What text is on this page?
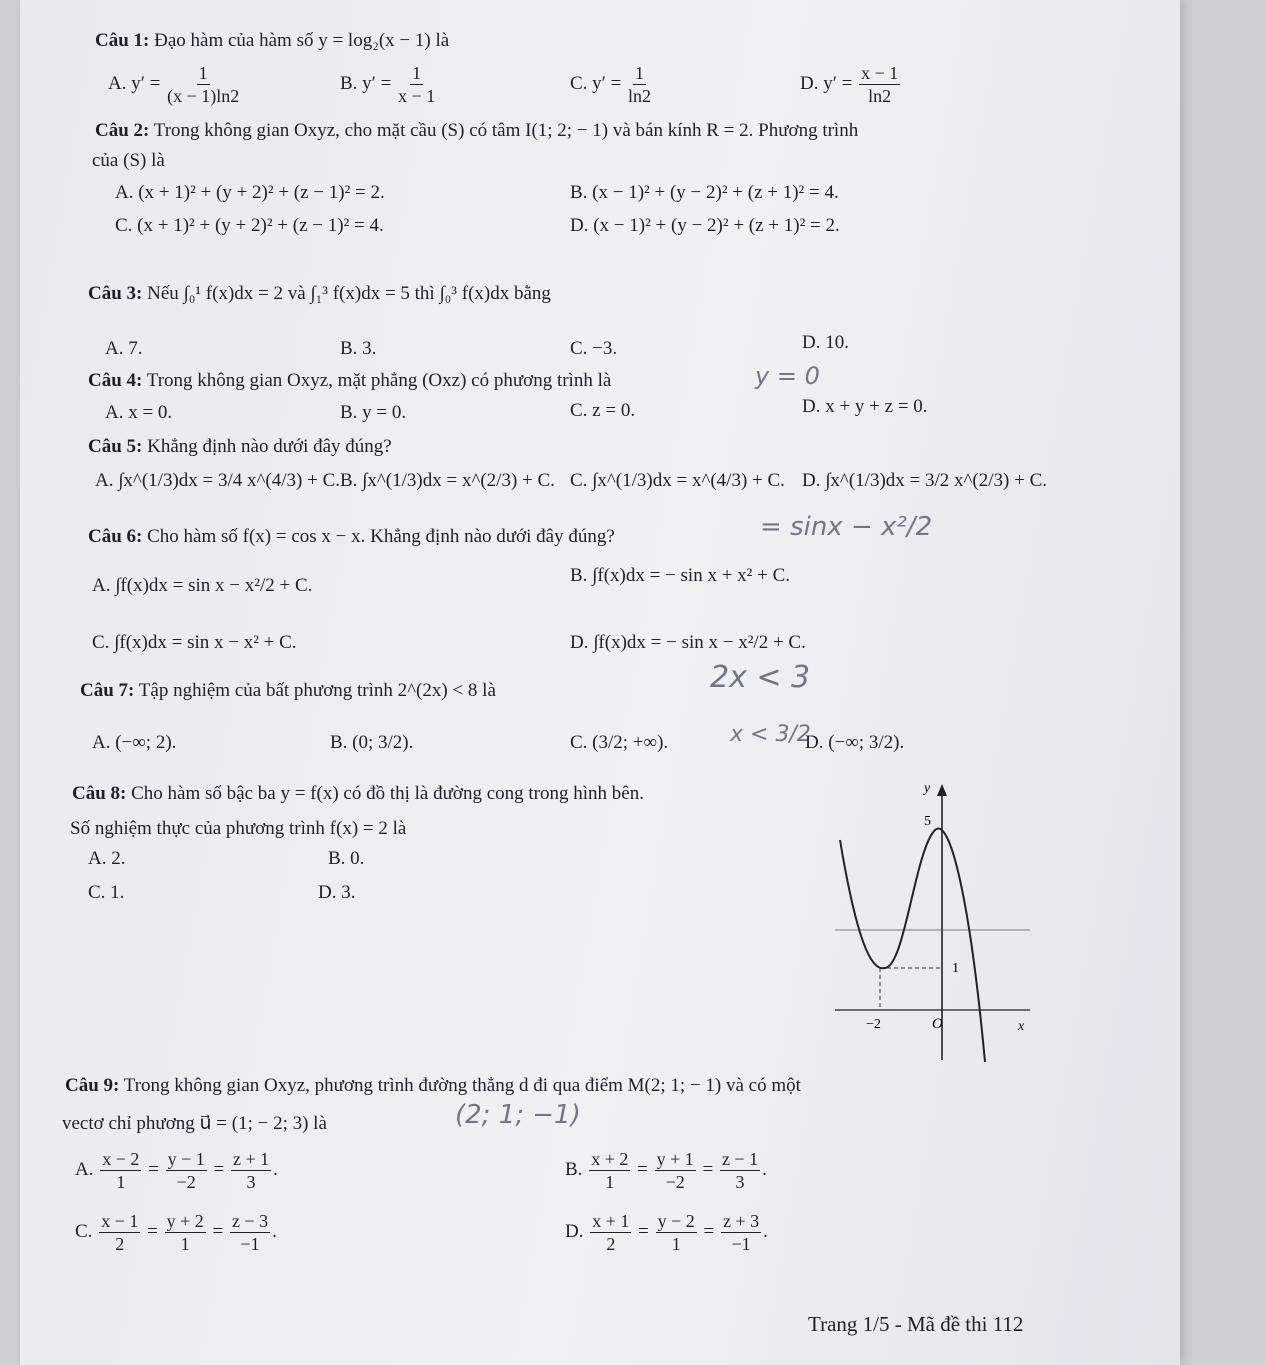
Câu 1: Đạo hàm của hàm số y = log₂(x − 1) là
A. $y' = \frac{1}{(x - 1)\ln 2}$	B. $y' = \frac{1}{x - 1}$	C. $y' = \frac{1}{\ln 2}$	D. $y' = \frac{x - 1}{\ln 2}$
Câu 2: Trong không gian Oxyz, cho mặt cầu (S) có tâm I(1; 2; − 1) và bán kính R = 2. Phương trình
của (S) là
A. (x + 1)² + (y + 2)² + (z − 1)² = 2.	B. (x − 1)² + (y − 2)² + (z + 1)² = 4.
C. (x + 1)² + (y + 2)² + (z − 1)² = 4.	D. (x − 1)² + (y − 2)² + (z + 1)² = 2.
Câu 3: Nếu ∫₀¹ f(x)dx = 2 và ∫₁³ f(x)dx = 5 thì ∫₀³ f(x)dx bằng
A. 7.	B. 3.	C. −3.	D. 10.
Câu 4: Trong không gian Oxyz, mặt phẳng (Oxz) có phương trình là	y = 0
A. x = 0.	B. y = 0.	C. z = 0.	D. x + y + z = 0.
Câu 5: Khẳng định nào dưới đây đúng?
A. ∫x^(1/3)dx = 3/4 x^(4/3) + C. B. ∫x^(1/3)dx = x^(2/3) + C. C. ∫x^(1/3)dx = x^(4/3) + C. D. ∫x^(1/3)dx = 3/2 x^(2/3) + C.
Câu 6: Cho hàm số f(x) = cos x − x. Khẳng định nào dưới đây đúng?	= sinx − x²/2
A. ∫f(x)dx = sin x − x²/2 + C.	B. ∫f(x)dx = − sin x + x² + C.
C. ∫f(x)dx = sin x − x² + C.	D. ∫f(x)dx = − sin x − x²/2 + C.
Câu 7: Tập nghiệm của bất phương trình 2^(2x) < 8 là	2x < 3
A. (−∞; 2).	B. (0; 3/2).	C. (3/2; +∞).	x < 3/2
D. (−∞; 3/2).
Câu 8: Cho hàm số bậc ba y = f(x) có đồ thị là đường cong trong hình bên.
Số nghiệm thực của phương trình f(x) = 2 là
A. 2.	B. 0.
C. 1.	D. 3.
y
5
1
−2	O	x
Câu 9: Trong không gian Oxyz, phương trình đường thẳng d đi qua điểm M(2; 1; − 1) và có một
vectơ chỉ phương u⃗ = (1; − 2; 3) là	(2; 1; −1)
A. $\frac{x - 2}{1} = \frac{y - 1}{-2} = \frac{z + 1}{3}$ .	B. $\frac{x + 2}{1} = \frac{y + 1}{-2} = \frac{z - 1}{3}$ .
C. $\frac{x - 1}{2} = \frac{y + 2}{1} = \frac{z - 3}{-1}$ .	D. $\frac{x + 1}{2} = \frac{y - 2}{1} = \frac{z + 3}{-1}$ .
Trang 1/5 - Mã đề thi 112
